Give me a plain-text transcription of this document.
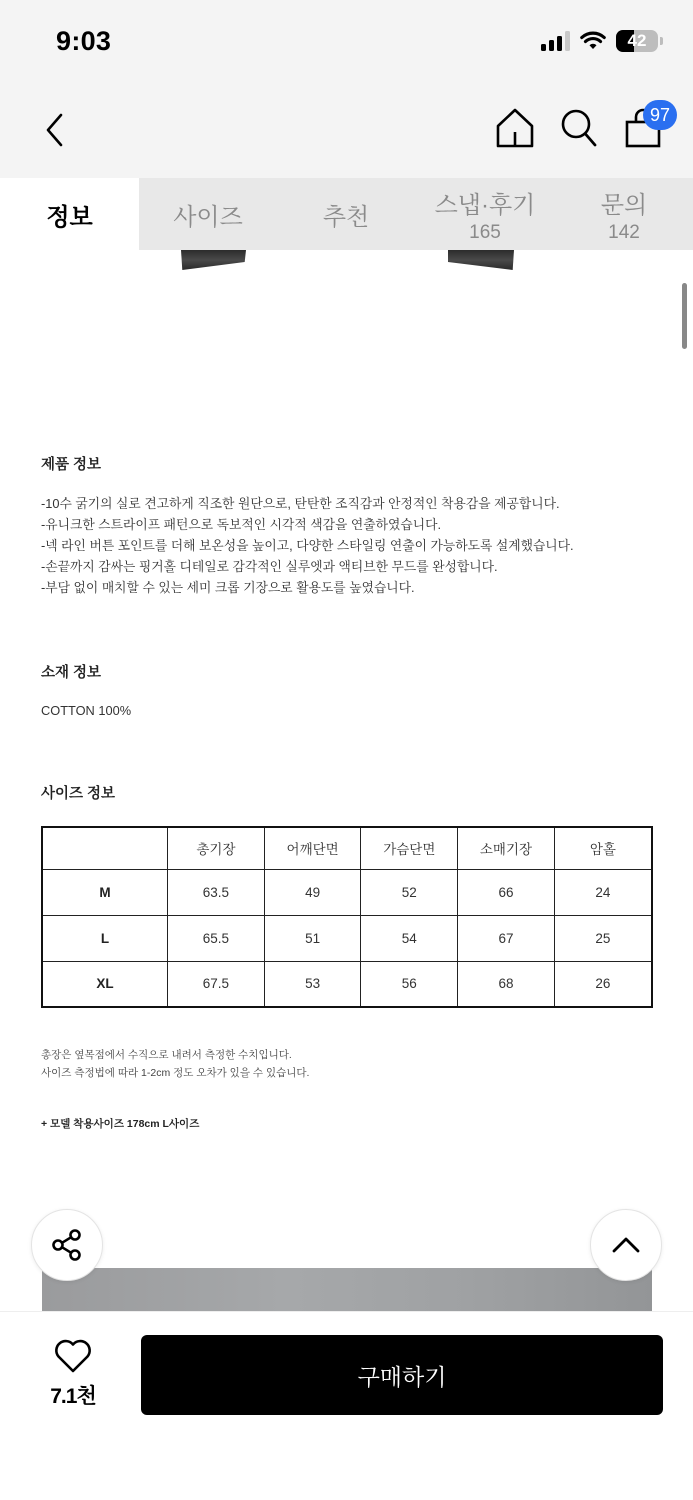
9:03	42
97
정보	사이즈	추천	스냅·후기
165
문의
142
제품 정보
-10수 굵기의 실로 견고하게 직조한 원단으로, 탄탄한 조직감과 안정적인 착용감을 제공합니다.
-유니크한 스트라이프 패턴으로 독보적인 시각적 색감을 연출하였습니다.
-넥 라인 버튼 포인트를 더해 보온성을 높이고, 다양한 스타일링 연출이 가능하도록 설계했습니다.
-손끝까지 감싸는 핑거홀 디테일로 감각적인 실루엣과 액티브한 무드를 완성합니다.
-부담 없이 매치할 수 있는 세미 크롭 기장으로 활용도를 높였습니다.
소재 정보
COTTON 100%
사이즈 정보
	총기장	어깨단면	가슴단면	소매기장	암홀
M	63.5	49	52	66	24
L	65.5	51	54	67	25
XL	67.5	53	56	68	26
총장은 옆목점에서 수직으로 내려서 측정한 수치입니다.
사이즈 측정법에 따라 1-2cm 정도 오차가 있을 수 있습니다.
+ 모델 착용사이즈 178cm L사이즈
7.1천
구매하기
